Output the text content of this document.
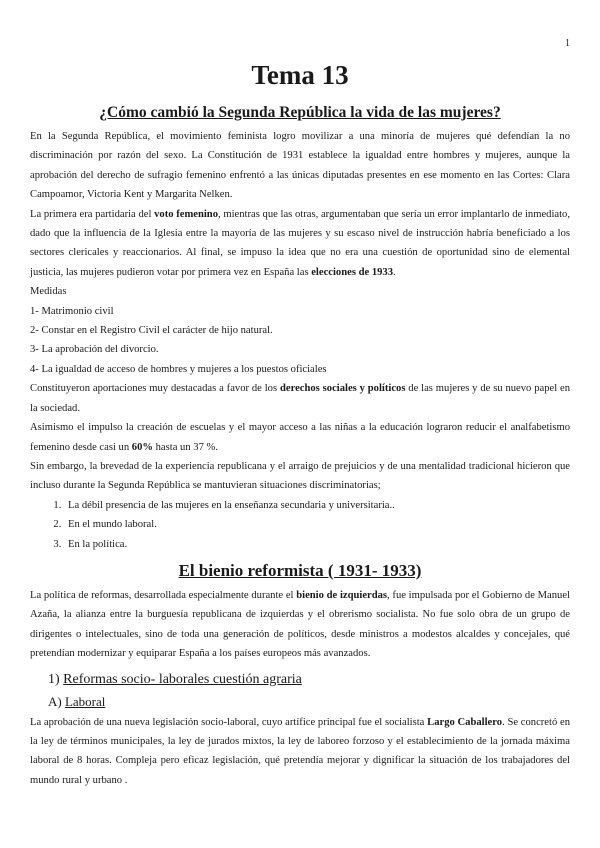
1
Tema 13
¿Cómo cambió la Segunda República la vida de las mujeres?

En la Segunda República, el movimiento feminista logro movilizar a una minoría de mujeres qué defendían la no discriminación por razón del sexo. La Constitución de 1931 establece la igualdad entre hombres y mujeres, aunque la aprobación del derecho de sufragio femenino enfrentó a las únicas diputadas presentes en ese momento en las Cortes: Clara Campoamor, Victoria Kent y Margarita Nelken.

La primera era partidaria del voto femenino, mientras que las otras, argumentaban que sería un error implantarlo de inmediato, dado que la influencia de la Iglesia entre la mayoría de las mujeres y su escaso nivel de instrucción habría beneficiado a los sectores clericales y reaccionarios. Al final, se impuso la idea que no era una cuestión de oportunidad sino de elemental justicia, las mujeres pudieron votar por primera vez en España las elecciones de 1933.

Medidas

1- Matrimonio civil

2- Constar en el Registro Civil el carácter de hijo natural.

3- La aprobación del divorcio.

4- La igualdad de acceso de hombres y mujeres a los puestos oficiales

Constituyeron aportaciones muy destacadas a favor de los derechos sociales y políticos de las mujeres y de su nuevo papel en la sociedad.

Asimismo el impulso la creación de escuelas y el mayor acceso a las niñas a la educación lograron reducir el analfabetismo femenino desde casi un 60% hasta un 37 %.

Sin embargo, la brevedad de la experiencia republicana y el arraigo de prejuicios y de una mentalidad tradicional hicieron que incluso durante la Segunda República se mantuvieran situaciones discriminatorias;

1. La débil presencia de las mujeres en la enseñanza secundaria y universitaria..
2. En el mundo laboral.
3. En la política.
El bienio reformista ( 1931- 1933)

La política de reformas, desarrollada especialmente durante el bienio de izquierdas, fue impulsada por el Gobierno de Manuel Azaña, la alianza entre la burguesía republicana de izquierdas y el obrerismo socialista. No fue solo obra de un grupo de dirigentes o intelectuales, sino de toda una generación de políticos, desde ministros a modestos alcaldes y concejales, qué pretendían modernizar y equiparar España a los países europeos más avanzados.

1) Reformas socio- laborales cuestión agraria
A) Laboral

La aprobación de una nueva legislación socio-laboral, cuyo artífice principal fue el socialista Largo Caballero. Se concretó en la ley de términos municipales, la ley de jurados mixtos, la ley de laboreo forzoso y el establecimiento de la jornada máxima laboral de 8 horas. Compleja pero eficaz legislación, qué pretendía mejorar y dignificar la situación de los trabajadores del mundo rural y urbano .
